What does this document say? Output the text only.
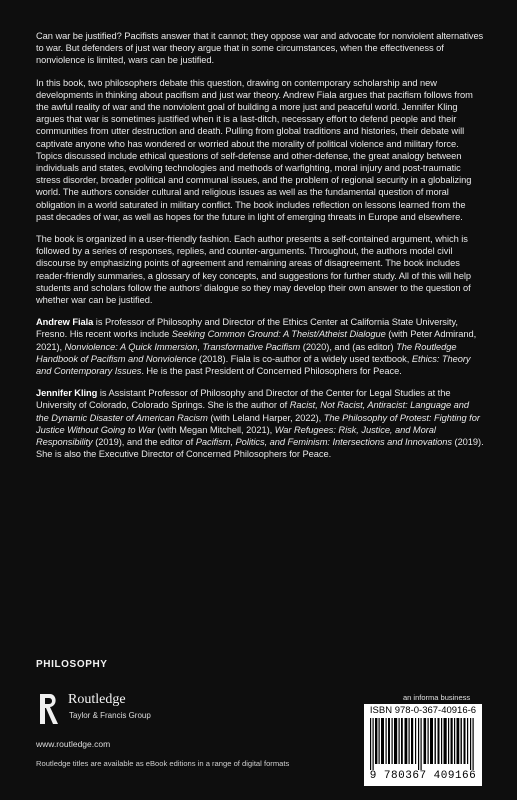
Can war be justified? Pacifists answer that it cannot; they oppose war and advocate for nonviolent alternatives to war. But defenders of just war theory argue that in some circumstances, when the effectiveness of nonviolence is limited, wars can be justified.

In this book, two philosophers debate this question, drawing on contemporary scholarship and new developments in thinking about pacifism and just war theory. Andrew Fiala argues that pacifism follows from the awful reality of war and the nonviolent goal of building a more just and peaceful world. Jennifer Kling argues that war is sometimes justified when it is a last-ditch, necessary effort to defend people and their communities from utter destruction and death. Pulling from global traditions and histories, their debate will captivate anyone who has wondered or worried about the morality of political violence and military force. Topics discussed include ethical questions of self-defense and other-defense, the great analogy between individuals and states, evolving technologies and methods of warfighting, moral injury and post-traumatic stress disorder, broader political and communal issues, and the problem of regional security in a globalizing world. The authors consider cultural and religious issues as well as the fundamental question of moral obligation in a world saturated in military conflict. The book includes reflection on lessons learned from the past decades of war, as well as hopes for the future in light of emerging threats in Europe and elsewhere.

The book is organized in a user-friendly fashion. Each author presents a self-contained argument, which is followed by a series of responses, replies, and counter-arguments. Throughout, the authors model civil discourse by emphasizing points of agreement and remaining areas of disagreement. The book includes reader-friendly summaries, a glossary of key concepts, and suggestions for further study. All of this will help students and scholars follow the authors’ dialogue so they may develop their own answer to the question of whether war can be justified.

Andrew Fiala is Professor of Philosophy and Director of the Ethics Center at California State University, Fresno. His recent works include Seeking Common Ground: A Theist/Atheist Dialogue (with Peter Admirand, 2021), Nonviolence: A Quick Immersion, Transformative Pacifism (2020), and (as editor) The Routledge Handbook of Pacifism and Nonviolence (2018). Fiala is co-author of a widely used textbook, Ethics: Theory and Contemporary Issues. He is the past President of Concerned Philosophers for Peace.

Jennifer Kling is Assistant Professor of Philosophy and Director of the Center for Legal Studies at the University of Colorado, Colorado Springs. She is the author of Racist, Not Racist, Antiracist: Language and the Dynamic Disaster of American Racism (with Leland Harper, 2022), The Philosophy of Protest: Fighting for Justice Without Going to War (with Megan Mitchell, 2021), War Refugees: Risk, Justice, and Moral Responsibility (2019), and the editor of Pacifism, Politics, and Feminism: Intersections and Innovations (2019). She is also the Executive Director of Concerned Philosophers for Peace.

PHILOSOPHY
Routledge
Taylor & Francis Group
www.routledge.com
Routledge titles are available as eBook editions in a range of digital formats
an informa business
ISBN 978-0-367-40916-6
9 780367 409166
